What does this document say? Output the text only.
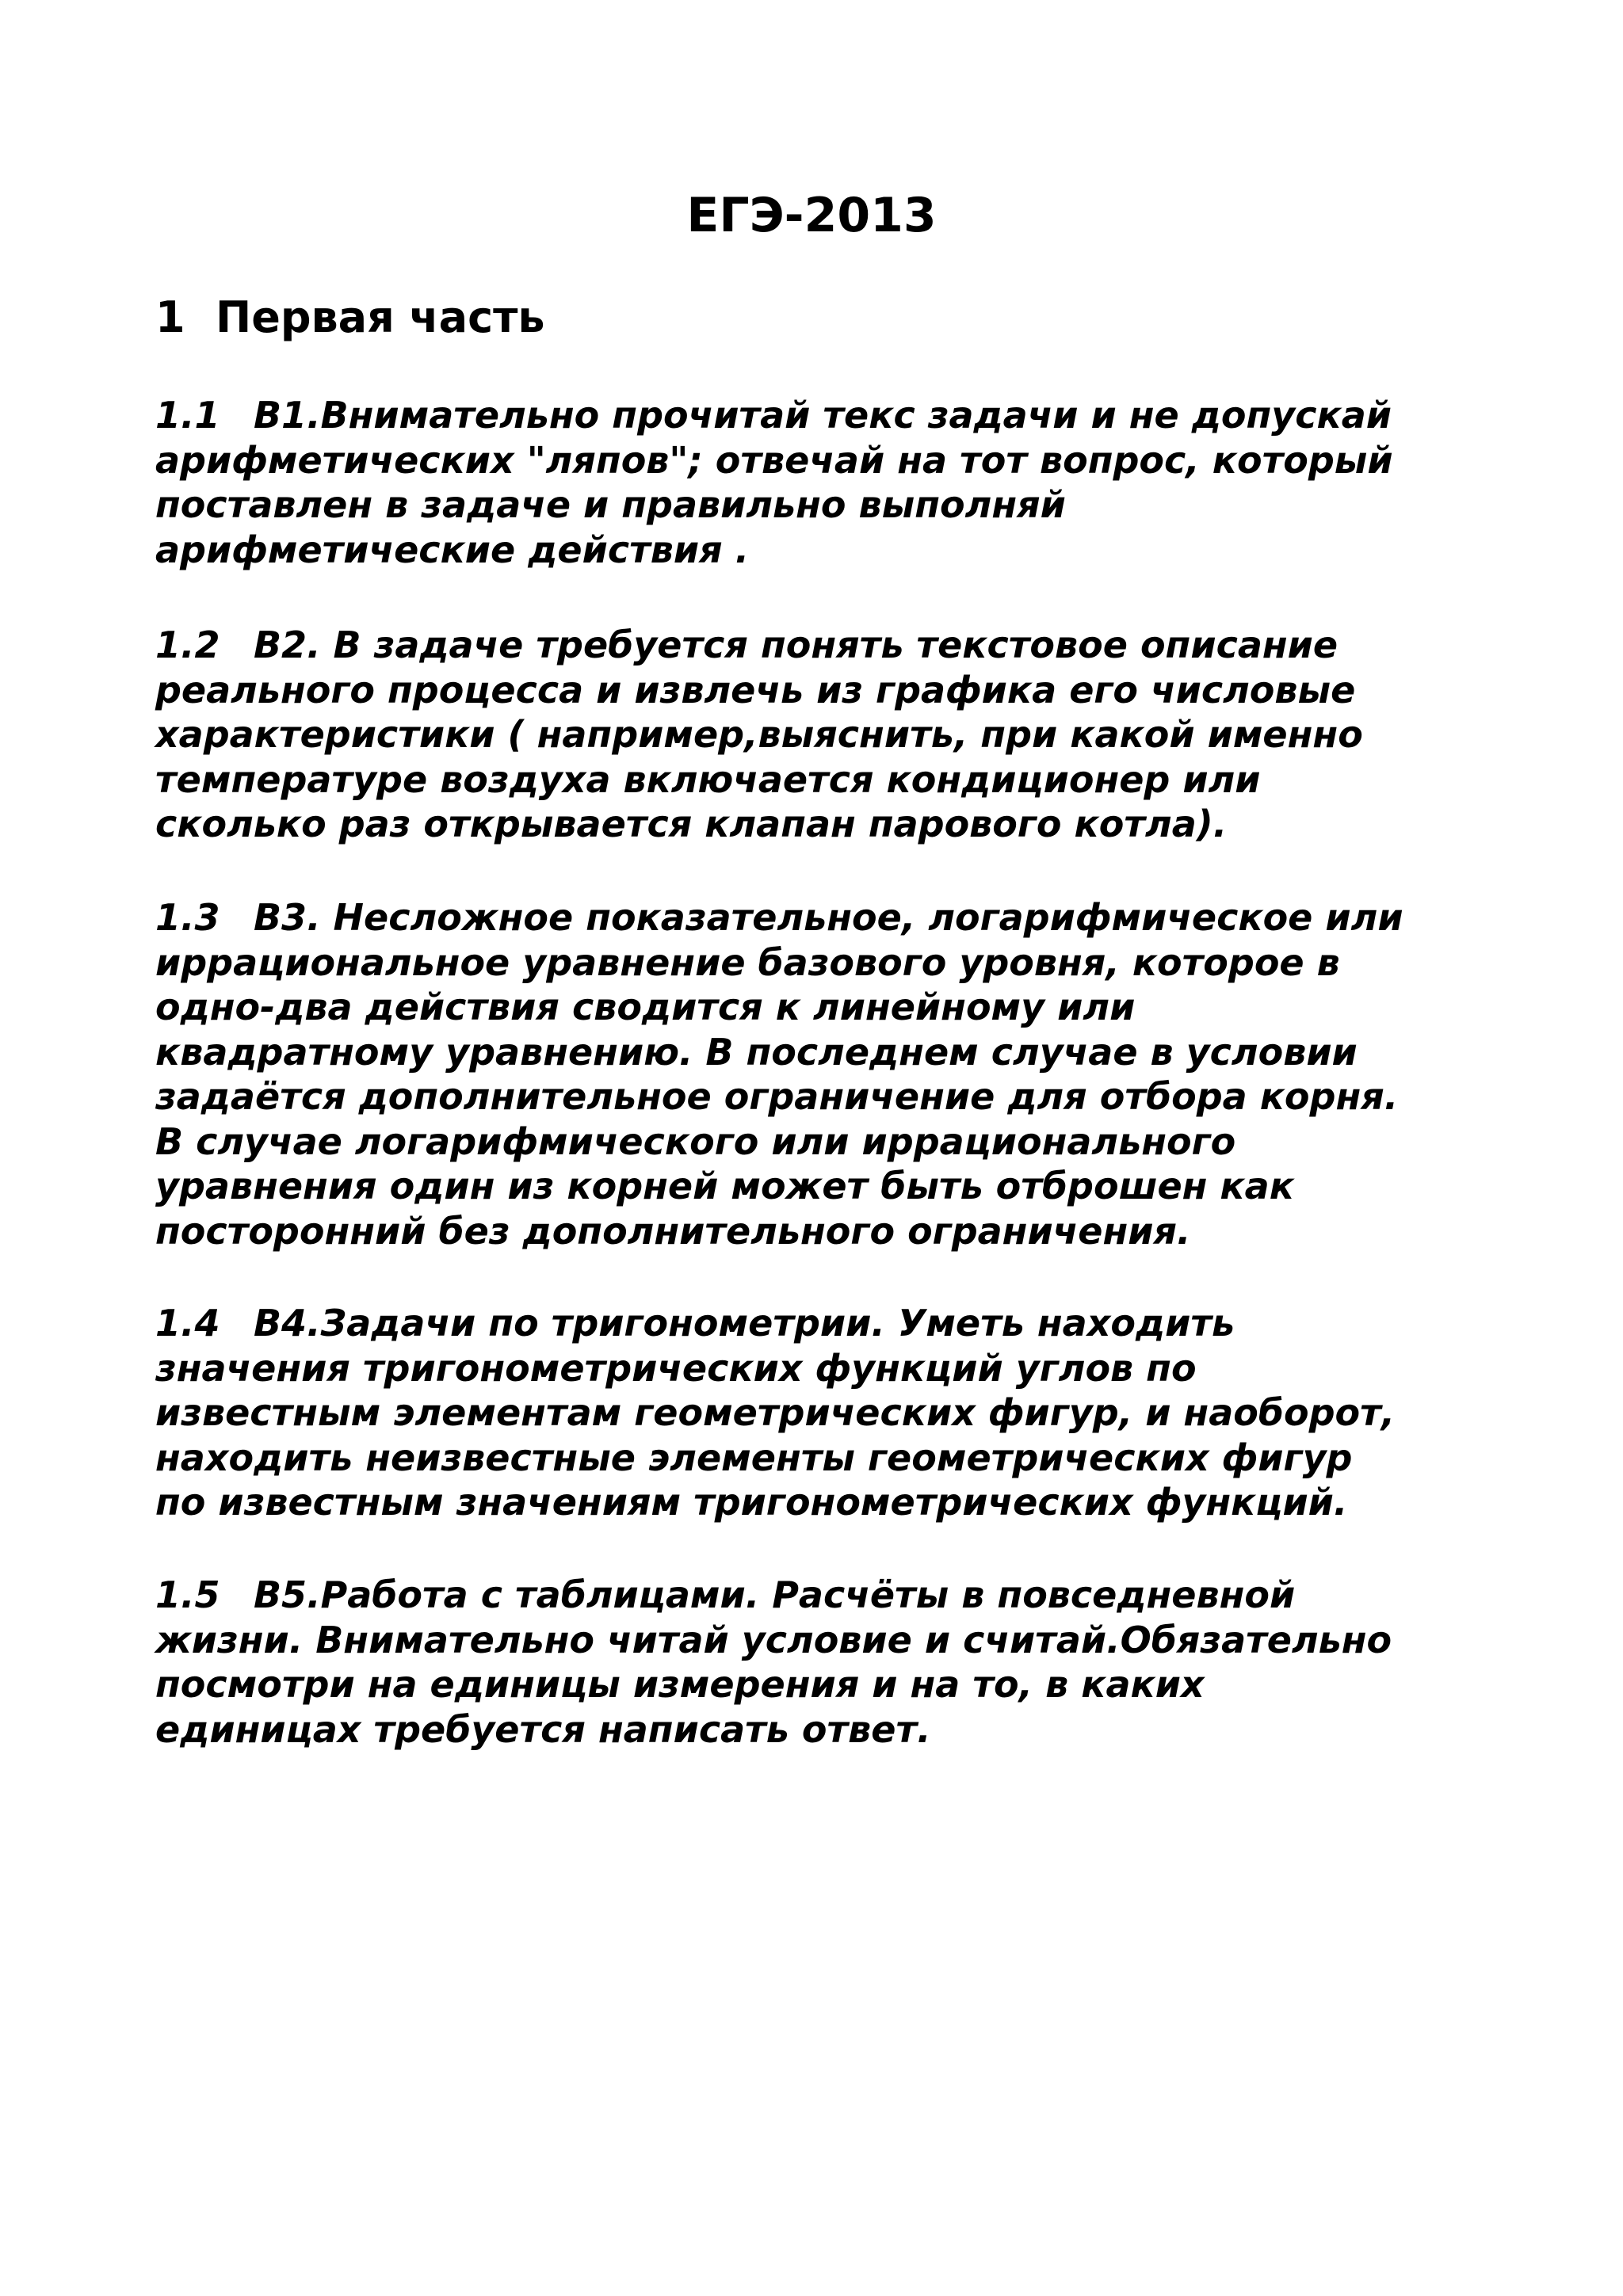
ЕГЭ-2013
1 Первая часть
1.1 B1.Внимательно прочитай текс задачи и не допускай
арифметических "ляпов"; отвечай на тот вопрос, который
поставлен в задаче и правильно выполняй
арифметические действия .
1.2 B2. В задаче требуется понять текстовое описание
реального процесса и извлечь из графика его числовые
характеристики ( например,выяснить, при какой именно
температуре воздуха включается кондиционер или
сколько раз открывается клапан парового котла).
1.3 B3. Несложное показательное, логарифмическое или
иррациональное уравнение базового уровня, которое в
одно-два действия сводится к линейному или
квадратному уравнению. В последнем случае в условии
задаётся дополнительное ограничение для отбора корня.
В случае логарифмического или иррационального
уравнения один из корней может быть отброшен как
посторонний без дополнительного ограничения.
1.4 B4.Задачи по тригонометрии. Уметь находить
значения тригонометрических функций углов по
известным элементам геометрических фигур, и наоборот,
находить неизвестные элементы геометрических фигур
по известным значениям тригонометрических функций.
1.5 B5.Работа с таблицами. Расчёты в повседневной
жизни. Внимательно читай условие и считай.Обязательно
посмотри на единицы измерения и на то, в каких
единицах требуется написать ответ.
